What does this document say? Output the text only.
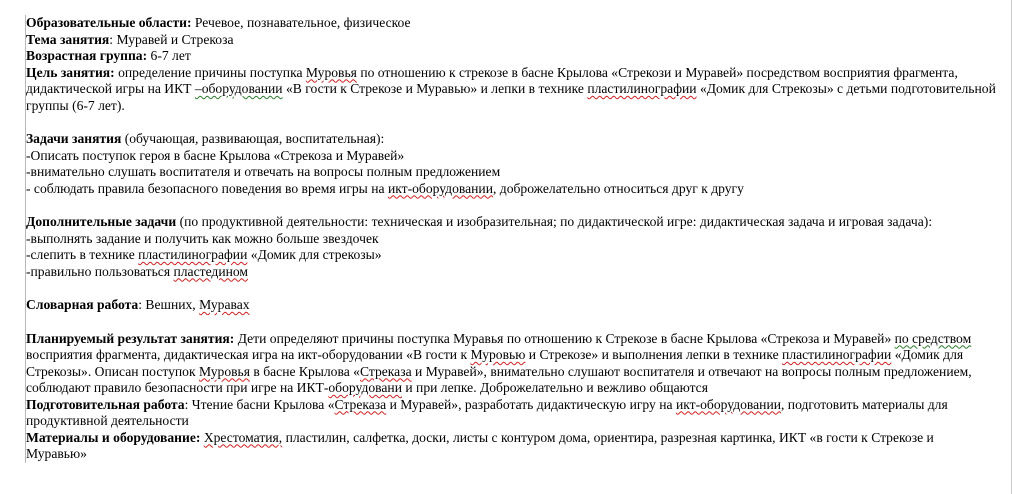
Образовательные области: Речевое, познавательное, физическое

Тема занятия: Муравей и Стрекоза

Возрастная группа: 6-7 лет

Цель занятия: определение причины поступка Муровья по отношению к стрекозе в басне Крылова «Стрекози и Муравей» посредством восприятия фрагмента, дидактической игры на ИКТ –оборудовании «В гости к Стрекозе и Муравью» и лепки в технике пластилинографии «Домик для Стрекозы» с детьми подготовительной группы (6-7 лет).

Задачи занятия (обучающая, развивающая, воспитательная):

-Описать поступок героя в басне Крылова «Стрекоза и Муравей»

-внимательно слушать воспитателя и отвечать на вопросы полным предложением

- соблюдать правила безопасного поведения во время игры на икт-оборудовании, доброжелательно относиться друг к другу

Дополнительные задачи (по продуктивной деятельности: техническая и изобразительная; по дидактической игре: дидактическая задача и игровая задача):

-выполнять задание и получить как можно больше звездочек

-слепить в технике пластилинографии «Домик для стрекозы»

-правильно пользоваться пластедином

Словарная работа: Вешних, Муравах

Планируемый результат занятия: Дети определяют причины поступка Муравья по отношению к Стрекозе в басне Крылова «Стрекоза и Муравей» по средством восприятия фрагмента, дидактическая игра на икт-оборудовании «В гости к Муровью и Стрекозе» и выполнения лепки в технике пластилинографии «Домик для Стрекозы». Описан поступок Муровья в басне Крылова «Стреказа и Муравей», внимательно слушают воспитателя и отвечают на вопросы полным предложением, соблюдают правило безопасности при игре на ИКТ-оборудовани и при лепке. Доброжелательно и вежливо общаются

Подготовительная работа: Чтение басни Крылова «Стреказа и Муравей», разработать дидактическую игру на икт-оборудовании, подготовить материалы для продуктивной деятельности

Материалы и оборудование: Хрестоматия, пластилин, салфетка, доски, листы с контуром дома, ориентира, разрезная картинка, ИКТ «в гости к Стрекозе и Муравью»
